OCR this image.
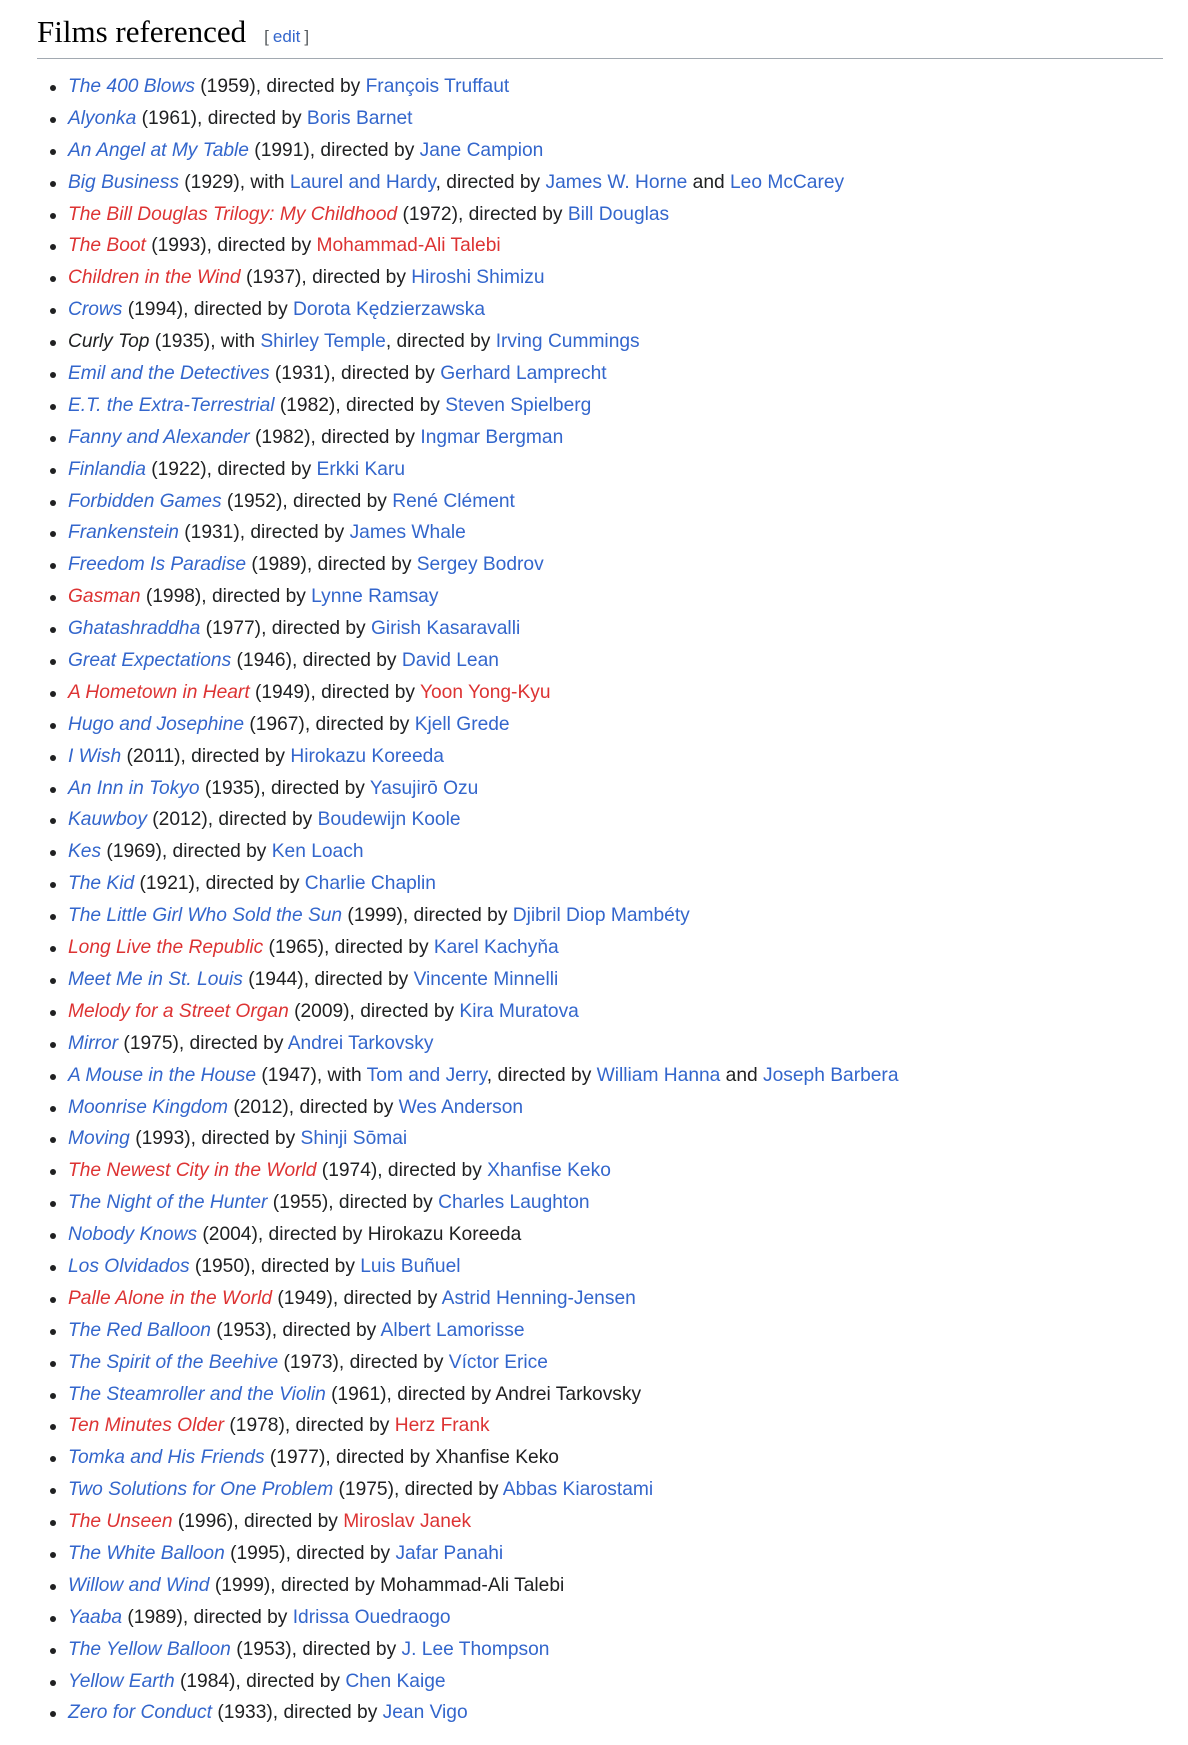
Films referenced [ edit ]
The 400 Blows (1959), directed by François Truffaut
Alyonka (1961), directed by Boris Barnet
An Angel at My Table (1991), directed by Jane Campion
Big Business (1929), with Laurel and Hardy, directed by James W. Horne and Leo McCarey
The Bill Douglas Trilogy: My Childhood (1972), directed by Bill Douglas
The Boot (1993), directed by Mohammad-Ali Talebi
Children in the Wind (1937), directed by Hiroshi Shimizu
Crows (1994), directed by Dorota Kędzierzawska
Curly Top (1935), with Shirley Temple, directed by Irving Cummings
Emil and the Detectives (1931), directed by Gerhard Lamprecht
E.T. the Extra-Terrestrial (1982), directed by Steven Spielberg
Fanny and Alexander (1982), directed by Ingmar Bergman
Finlandia (1922), directed by Erkki Karu
Forbidden Games (1952), directed by René Clément
Frankenstein (1931), directed by James Whale
Freedom Is Paradise (1989), directed by Sergey Bodrov
Gasman (1998), directed by Lynne Ramsay
Ghatashraddha (1977), directed by Girish Kasaravalli
Great Expectations (1946), directed by David Lean
A Hometown in Heart (1949), directed by Yoon Yong-Kyu
Hugo and Josephine (1967), directed by Kjell Grede
I Wish (2011), directed by Hirokazu Koreeda
An Inn in Tokyo (1935), directed by Yasujirō Ozu
Kauwboy (2012), directed by Boudewijn Koole
Kes (1969), directed by Ken Loach
The Kid (1921), directed by Charlie Chaplin
The Little Girl Who Sold the Sun (1999), directed by Djibril Diop Mambéty
Long Live the Republic (1965), directed by Karel Kachyňa
Meet Me in St. Louis (1944), directed by Vincente Minnelli
Melody for a Street Organ (2009), directed by Kira Muratova
Mirror (1975), directed by Andrei Tarkovsky
A Mouse in the House (1947), with Tom and Jerry, directed by William Hanna and Joseph Barbera
Moonrise Kingdom (2012), directed by Wes Anderson
Moving (1993), directed by Shinji Sōmai
The Newest City in the World (1974), directed by Xhanfise Keko
The Night of the Hunter (1955), directed by Charles Laughton
Nobody Knows (2004), directed by Hirokazu Koreeda
Los Olvidados (1950), directed by Luis Buñuel
Palle Alone in the World (1949), directed by Astrid Henning-Jensen
The Red Balloon (1953), directed by Albert Lamorisse
The Spirit of the Beehive (1973), directed by Víctor Erice
The Steamroller and the Violin (1961), directed by Andrei Tarkovsky
Ten Minutes Older (1978), directed by Herz Frank
Tomka and His Friends (1977), directed by Xhanfise Keko
Two Solutions for One Problem (1975), directed by Abbas Kiarostami
The Unseen (1996), directed by Miroslav Janek
The White Balloon (1995), directed by Jafar Panahi
Willow and Wind (1999), directed by Mohammad-Ali Talebi
Yaaba (1989), directed by Idrissa Ouedraogo
The Yellow Balloon (1953), directed by J. Lee Thompson
Yellow Earth (1984), directed by Chen Kaige
Zero for Conduct (1933), directed by Jean Vigo
